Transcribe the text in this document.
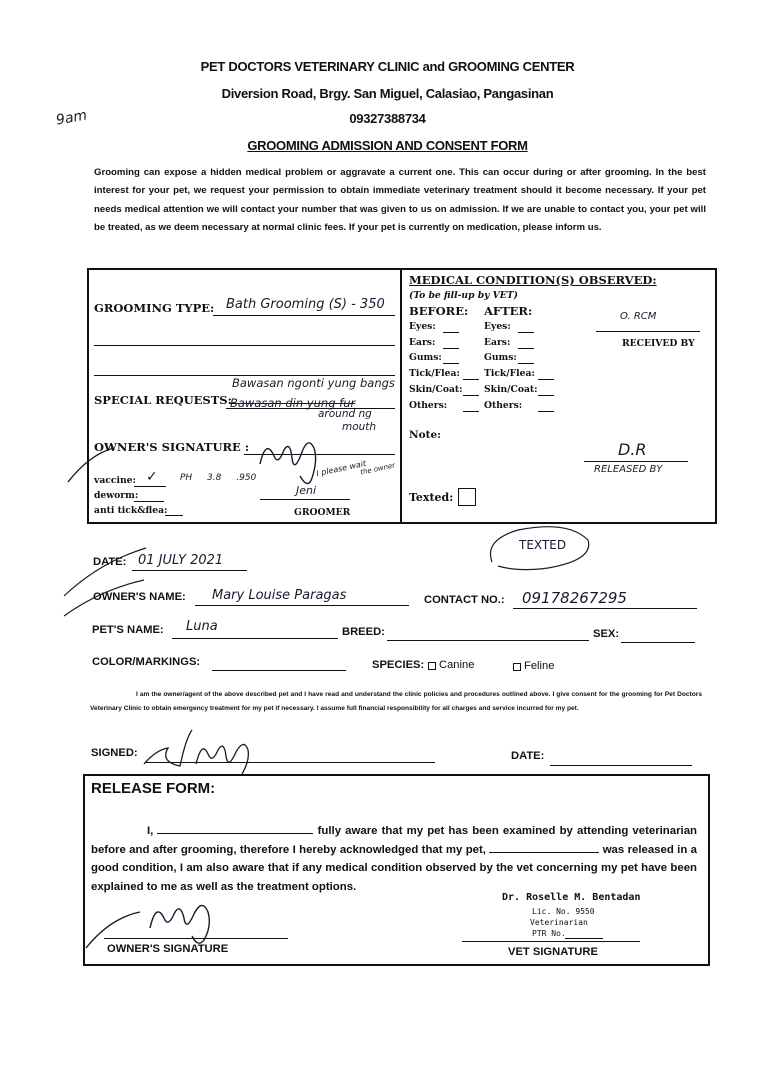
PET DOCTORS VETERINARY CLINIC and GROOMING CENTER
Diversion Road, Brgy. San Miguel, Calasiao, Pangasinan
09327388734
GROOMING ADMISSION AND CONSENT FORM
9am
Grooming can expose a hidden medical problem or aggravate a current one. This can occur during or after grooming. In the best interest for your pet, we request your permission to obtain immediate veterinary treatment should it become necessary. If your pet needs medical attention we will contact your number that was given to us on admission. If we are unable to contact you, your pet will be treated, as we deem necessary at normal clinic fees. If your pet is currently on medication, please inform us.
GROOMING TYPE: Bath Grooming (S) - 350
Bawasan ngonti yung bangs
SPECIAL REQUESTS:
Bawasan din yung fur
around ng
mouth
OWNER'S SIGNATURE :
vaccine: ✓ PH 3.8 .950	I please wait
the owner
deworm:	Jeni
anti tick&flea:	GROOMER
MEDICAL CONDITION(S) OBSERVED:
(To be fill-up by VET)
BEFORE: AFTER:
Eyes:	Eyes:
Ears:	Ears:
Gums:	Gums:
Tick/Flea:	Tick/Flea:
Skin/Coat: Skin/Coat:
Others:	Others:
O. RCM
RECEIVED BY
Note:
D.R
RELEASED BY
Texted:
TEXTED
DATE: 01 JULY 2021
OWNER'S NAME: Mary Louise Paragas	CONTACT NO.: 09178267295
PET'S NAME: Luna	BREED:	SEX:
COLOR/MARKINGS:	SPECIES: Canine	Feline
I am the owner/agent of the above described pet and I have read and understand the clinic policies and procedures outlined above. I give consent for the grooming for Pet Doctors Veterinary Clinic to obtain emergency treatment for my pet if necessary. I assume full financial responsibility for all charges and service incurred for my pet.
SIGNED:	DATE:
RELEASE FORM:
I,	fully aware that my pet has been examined by attending veterinarian before and after grooming, therefore I hereby acknowledged that my pet,	was released in a good condition, I am also aware that if any medical condition observed by the vet concerning my pet have been explained to me as well as the treatment options.
Dr. Roselle M. Bentadan
Lic. No. 9550
Veterinarian
PTR No.
VET SIGNATURE
OWNER'S SIGNATURE
